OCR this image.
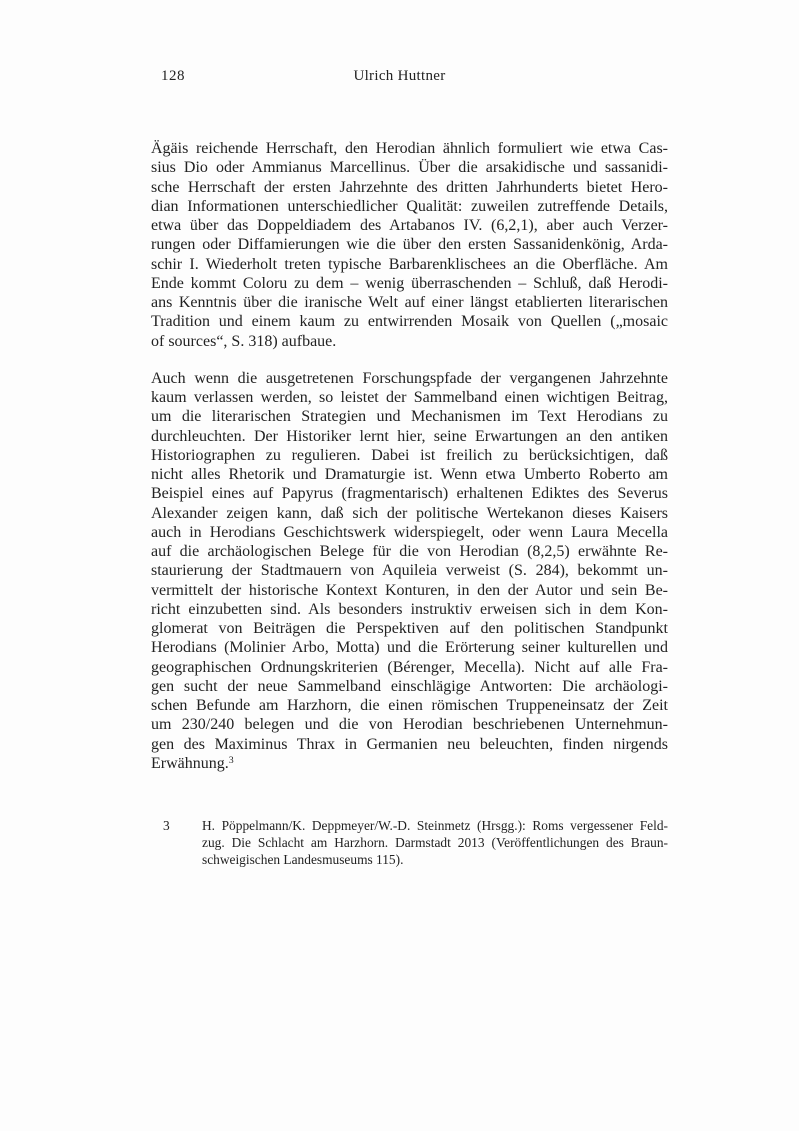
128	Ulrich Huttner
Ägäis reichende Herrschaft, den Herodian ähnlich formuliert wie etwa Cas-
sius Dio oder Ammianus Marcellinus. Über die arsakidische und sassanidi-
sche Herrschaft der ersten Jahrzehnte des dritten Jahrhunderts bietet Hero-
dian Informationen unterschiedlicher Qualität: zuweilen zutreffende Details,
etwa über das Doppeldiadem des Artabanos IV. (6,2,1), aber auch Verzer-
rungen oder Diffamierungen wie die über den ersten Sassanidenkönig, Arda-
schir I. Wiederholt treten typische Barbarenklischees an die Oberfläche. Am
Ende kommt Coloru zu dem – wenig überraschenden – Schluß, daß Herodi-
ans Kenntnis über die iranische Welt auf einer längst etablierten literarischen
Tradition und einem kaum zu entwirrenden Mosaik von Quellen („mosaic
of sources“, S. 318) aufbaue.
Auch wenn die ausgetretenen Forschungspfade der vergangenen Jahrzehnte
kaum verlassen werden, so leistet der Sammelband einen wichtigen Beitrag,
um die literarischen Strategien und Mechanismen im Text Herodians zu
durchleuchten. Der Historiker lernt hier, seine Erwartungen an den antiken
Historiographen zu regulieren. Dabei ist freilich zu berücksichtigen, daß
nicht alles Rhetorik und Dramaturgie ist. Wenn etwa Umberto Roberto am
Beispiel eines auf Papyrus (fragmentarisch) erhaltenen Ediktes des Severus
Alexander zeigen kann, daß sich der politische Wertekanon dieses Kaisers
auch in Herodians Geschichtswerk widerspiegelt, oder wenn Laura Mecella
auf die archäologischen Belege für die von Herodian (8,2,5) erwähnte Re-
staurierung der Stadtmauern von Aquileia verweist (S. 284), bekommt un-
vermittelt der historische Kontext Konturen, in den der Autor und sein Be-
richt einzubetten sind. Als besonders instruktiv erweisen sich in dem Kon-
glomerat von Beiträgen die Perspektiven auf den politischen Standpunkt
Herodians (Molinier Arbo, Motta) und die Erörterung seiner kulturellen und
geographischen Ordnungskriterien (Bérenger, Mecella). Nicht auf alle Fra-
gen sucht der neue Sammelband einschlägige Antworten: Die archäologi-
schen Befunde am Harzhorn, die einen römischen Truppeneinsatz der Zeit
um 230/240 belegen und die von Herodian beschriebenen Unternehmun-
gen des Maximinus Thrax in Germanien neu beleuchten, finden nirgends
Erwähnung.$^3$
3	H. Pöppelmann/K. Deppmeyer/W.-D. Steinmetz (Hrsgg.): Roms vergessener Feld-
zug. Die Schlacht am Harzhorn. Darmstadt 2013 (Veröffentlichungen des Braun-
schweigischen Landesmuseums 115).
